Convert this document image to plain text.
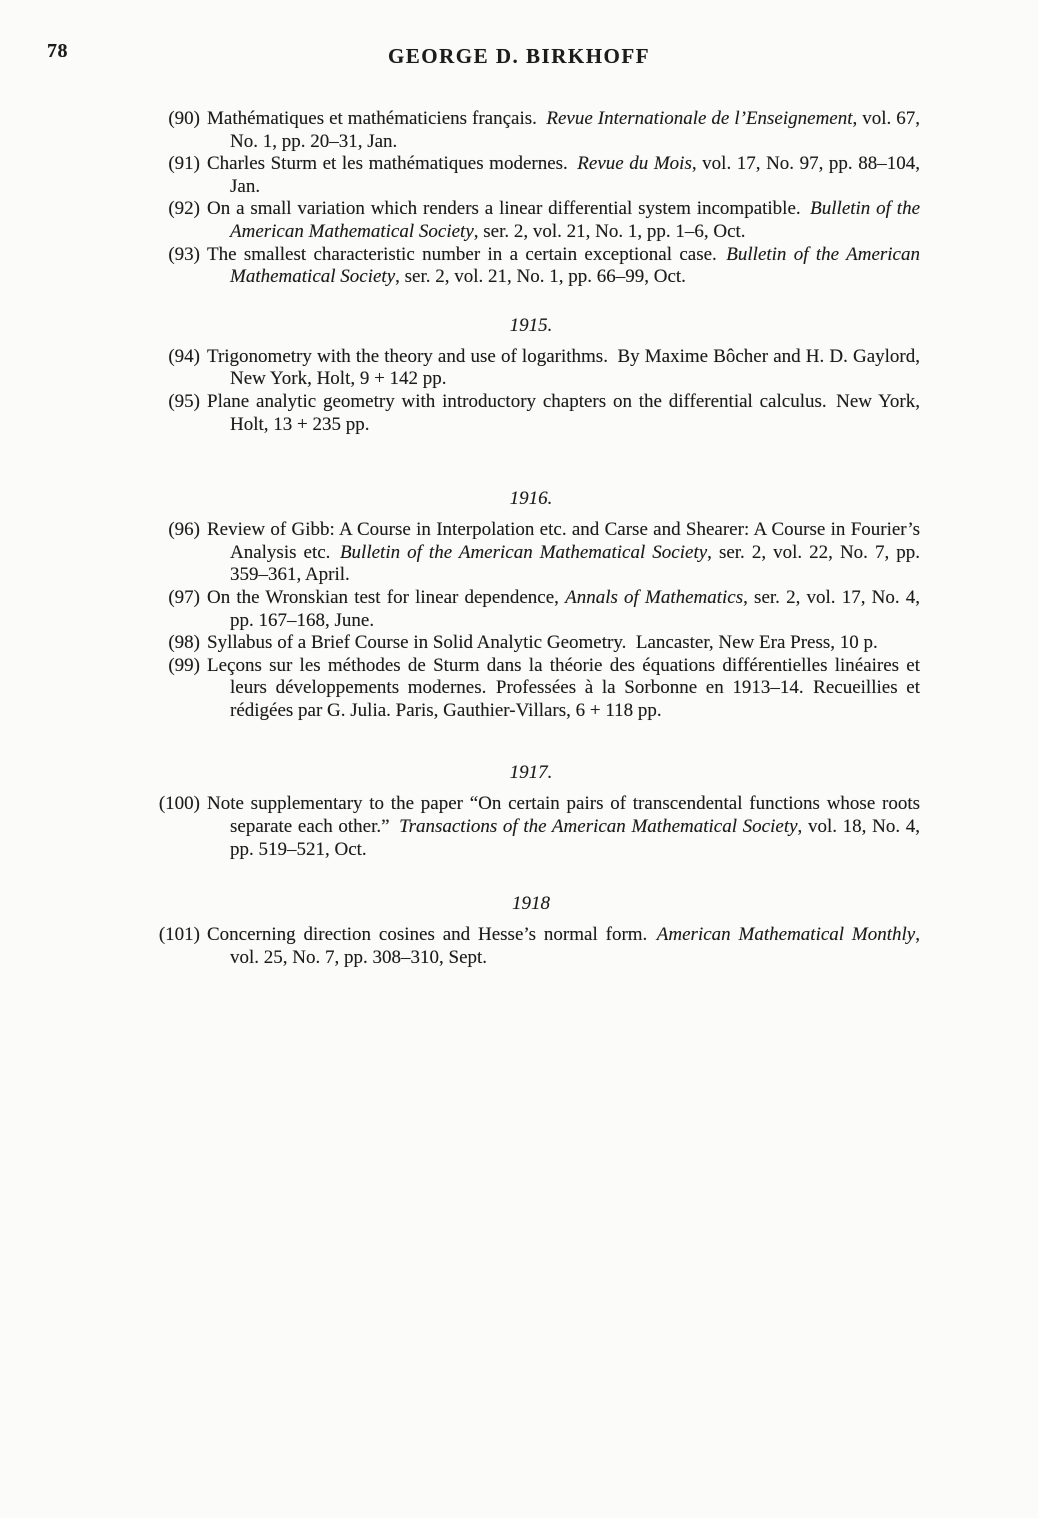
78	GEORGE D. BIRKHOFF
(90) Mathématiques et mathématiciens français. Revue Internationale de l’Enseignement, vol. 67, No. 1, pp. 20–31, Jan.
(91) Charles Sturm et les mathématiques modernes. Revue du Mois, vol. 17, No. 97, pp. 88–104, Jan.
(92) On a small variation which renders a linear differential system incompatible. Bulletin of the American Mathematical Society, ser. 2, vol. 21, No. 1, pp. 1–6, Oct.
(93) The smallest characteristic number in a certain exceptional case. Bulletin of the American Mathematical Society, ser. 2, vol. 21, No. 1, pp. 66–99, Oct.
1915.
(94) Trigonometry with the theory and use of logarithms. By Maxime Bôcher and H. D. Gaylord, New York, Holt, 9 + 142 pp.
(95) Plane analytic geometry with introductory chapters on the differential calculus. New York, Holt, 13 + 235 pp.
1916.
(96) Review of Gibb: A Course in Interpolation etc. and Carse and Shearer: A Course in Fourier’s Analysis etc. Bulletin of the American Mathematical Society, ser. 2, vol. 22, No. 7, pp. 359–361, April.
(97) On the Wronskian test for linear dependence, Annals of Mathematics, ser. 2, vol. 17, No. 4, pp. 167–168, June.
(98) Syllabus of a Brief Course in Solid Analytic Geometry. Lancaster, New Era Press, 10 p.
(99) Leçons sur les méthodes de Sturm dans la théorie des équations différentielles linéaires et leurs développements modernes. Professées à la Sorbonne en 1913–14. Recueillies et rédigées par G. Julia. Paris, Gauthier-Villars, 6 + 118 pp.
1917.
(100) Note supplementary to the paper “On certain pairs of transcendental functions whose roots separate each other.” Transactions of the American Mathematical Society, vol. 18, No. 4, pp. 519–521, Oct.
1918
(101) Concerning direction cosines and Hesse’s normal form. American Mathematical Monthly, vol. 25, No. 7, pp. 308–310, Sept.
